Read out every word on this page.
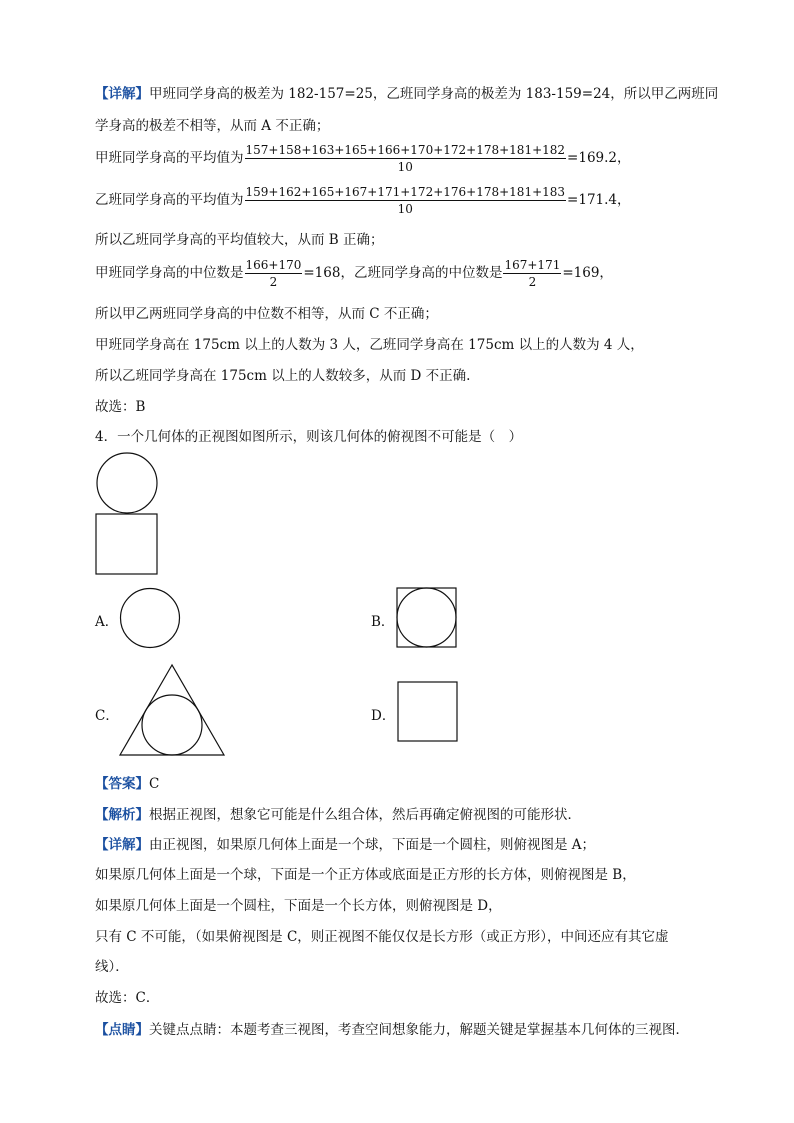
【详解】甲班同学身高的极差为 182-157=25，乙班同学身高的极差为 183-159=24，所以甲乙两班同
学身高的极差不相等，从而 A 不正确；
甲班同学身高的平均值为 $\frac{157+158+163+165+166+170+172+178+181+182}{10} =169.2$，
乙班同学身高的平均值为 $\frac{159+162+165+167+171+172+176+178+181+183}{10} =171.4$，
所以乙班同学身高的平均值较大，从而 B 正确；
甲班同学身高的中位数是 $\frac{166+170}{2} =168$，乙班同学身高的中位数是 $\frac{167+171}{2} =169$，
所以甲乙两班同学身高的中位数不相等，从而 C 不正确；
甲班同学身高在 175cm 以上的人数为 3 人，乙班同学身高在 175cm 以上的人数为 4 人，
所以乙班同学身高在 175cm 以上的人数较多，从而 D 不正确.
故选：B
4．一个几何体的正视图如图所示，则该几何体的俯视图不可能是（　）
A．	B．
C．	D．
【答案】C
【解析】根据正视图，想象它可能是什么组合体，然后再确定俯视图的可能形状．
【详解】由正视图，如果原几何体上面是一个球，下面是一个圆柱，则俯视图是 A；
如果原几何体上面是一个球，下面是一个正方体或底面是正方形的长方体，则俯视图是 B，
如果原几何体上面是一个圆柱，下面是一个长方体，则俯视图是 D，
只有 C 不可能，（如果俯视图是 C，则正视图不能仅仅是长方形（或正方形），中间还应有其它虚
线）．
故选：C．
【点睛】关键点点睛：本题考查三视图，考查空间想象能力，解题关键是掌握基本几何体的三视图．
